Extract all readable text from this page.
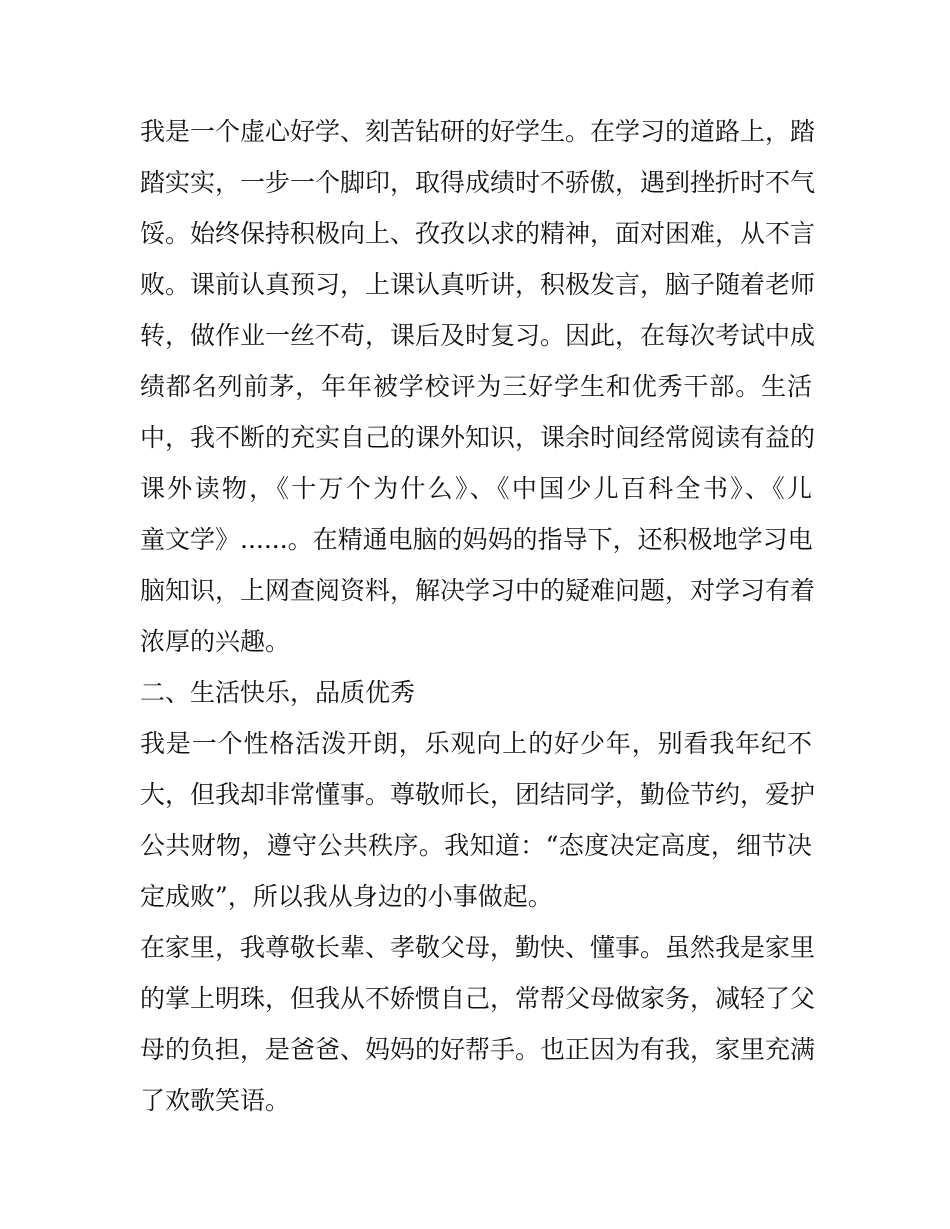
我是一个虚心好学、刻苦钻研的好学生。在学习的道路上，踏
踏实实，一步一个脚印，取得成绩时不骄傲，遇到挫折时不气
馁。始终保持积极向上、孜孜以求的精神，面对困难，从不言
败。课前认真预习，上课认真听讲，积极发言，脑子随着老师
转，做作业一丝不苟，课后及时复习。因此，在每次考试中成
绩都名列前茅，年年被学校评为三好学生和优秀干部。生活
中，我不断的充实自己的课外知识，课余时间经常阅读有益的
课外读物，《十万个为什么》、《中国少儿百科全书》、《儿
童文学》......。在精通电脑的妈妈的指导下，还积极地学习电
脑知识，上网查阅资料，解决学习中的疑难问题，对学习有着
浓厚的兴趣。
二、生活快乐，品质优秀
我是一个性格活泼开朗，乐观向上的好少年，别看我年纪不
大，但我却非常懂事。尊敬师长，团结同学，勤俭节约，爱护
公共财物，遵守公共秩序。我知道：“态度决定高度，细节决
定成败”，所以我从身边的小事做起。
在家里，我尊敬长辈、孝敬父母，勤快、懂事。虽然我是家里
的掌上明珠，但我从不娇惯自己，常帮父母做家务，减轻了父
母的负担，是爸爸、妈妈的好帮手。也正因为有我，家里充满
了欢歌笑语。
